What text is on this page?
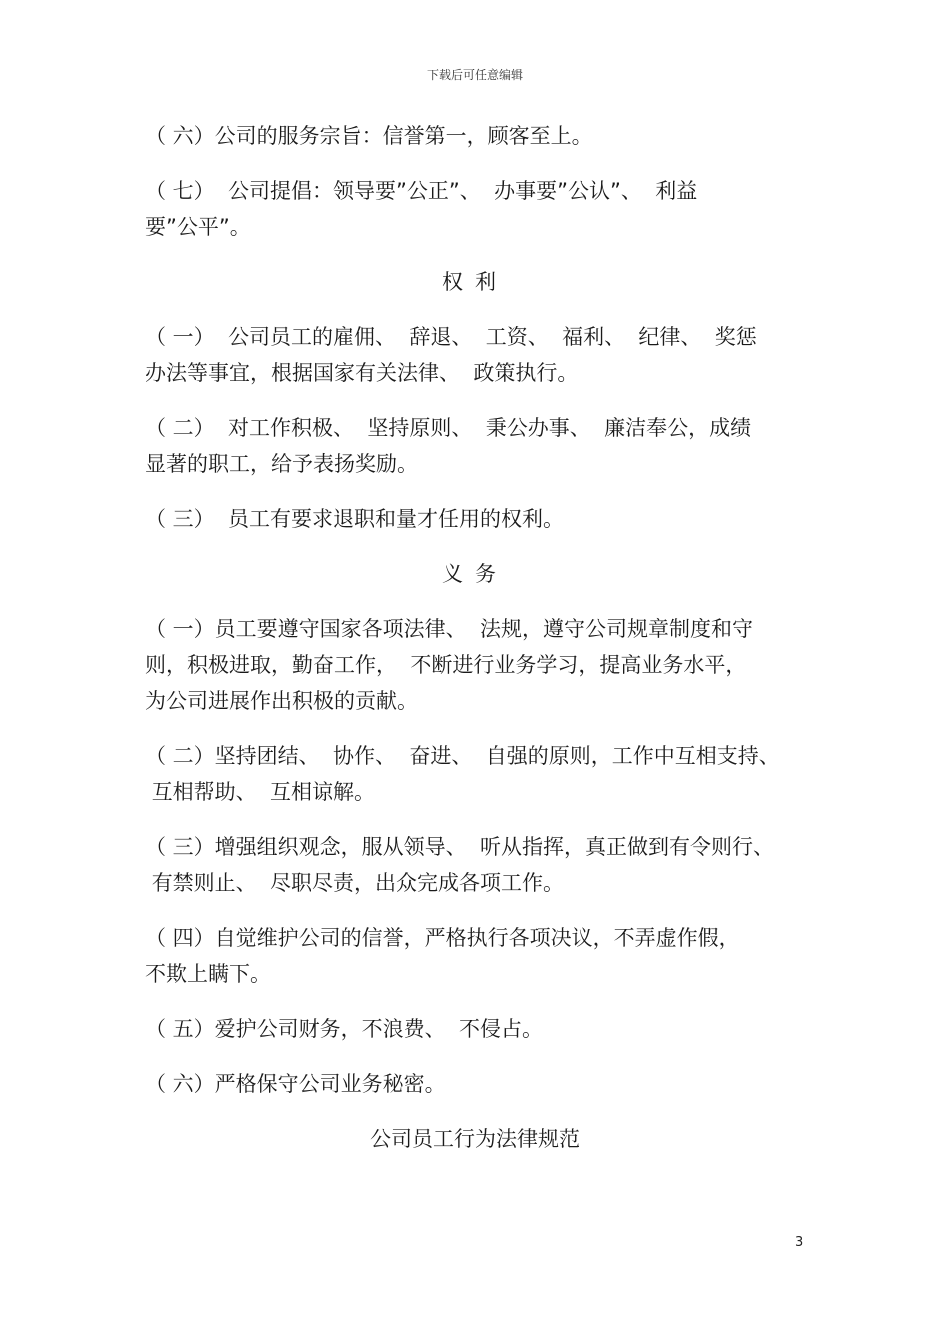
下载后可任意编辑

（ 六）公司的服务宗旨：信誉第一，顾客至上。

（ 七）  公司提倡：领导要”公正”、  办事要”公认”、  利益
要”公平”。

权利

（ 一）  公司员工的雇佣、  辞退、  工资、  福利、  纪律、  奖惩
办法等事宜，根据国家有关法律、  政策执行。

（ 二）  对工作积极、  坚持原则、  秉公办事、  廉洁奉公，成绩
显著的职工，给予表扬奖励。

（ 三）  员工有要求退职和量才任用的权利。

义务

（ 一）员工要遵守国家各项法律、  法规，遵守公司规章制度和守
则，积极进取，勤奋工作，  不断进行业务学习，提高业务水平，
为公司进展作出积极的贡献。

（ 二）坚持团结、  协作、  奋进、  自强的原则，工作中互相支持、
互相帮助、  互相谅解。

（ 三）增强组织观念，服从领导、  听从指挥，真正做到有令则行、
有禁则止、  尽职尽责，出众完成各项工作。

（ 四）自觉维护公司的信誉，严格执行各项决议，不弄虚作假，
不欺上瞒下。

（ 五）爱护公司财务，不浪费、  不侵占。

（ 六）严格保守公司业务秘密。

公司员工行为法律规范
3
